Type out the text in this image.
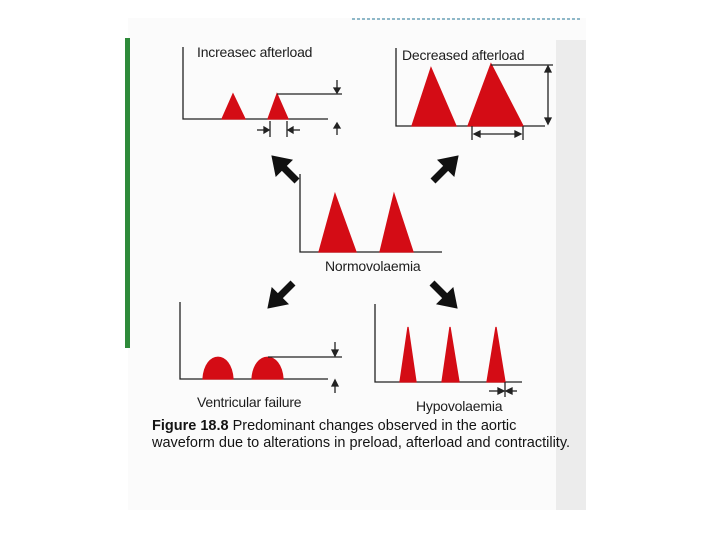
Increasec afterload	Decreased afterload
Normovolaemia
Ventricular failure	Hypovolaemia
Figure 18.8 Predominant changes observed in the aortic waveform due to alterations in preload, afterload and contractility.
